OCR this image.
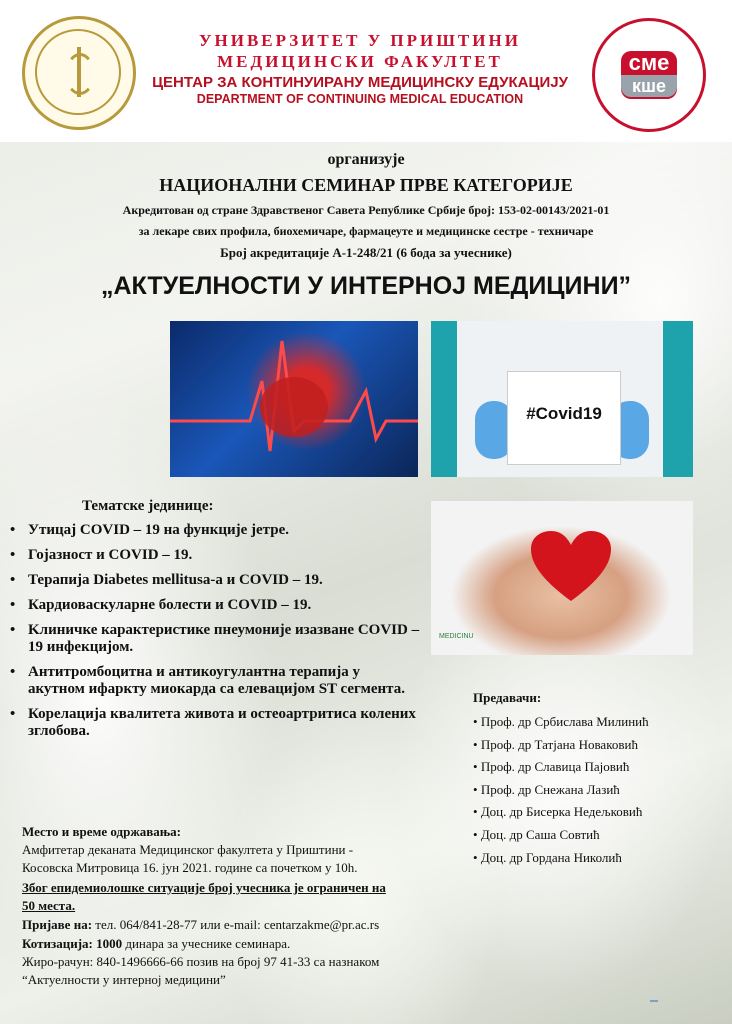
сме
кше
УНИВЕРЗИТЕТ У ПРИШТИНИ
МЕДИЦИНСКИ ФАКУЛТЕТ
ЦЕНТАР ЗА КОНТИНУИРАНУ МЕДИЦИНСКУ ЕДУКАЦИЈУ
DEPARTMENT OF CONTINUING MEDICAL EDUCATION
организује
НАЦИОНАЛНИ СЕМИНАР ПРВЕ КАТЕГОРИЈЕ
Акредитован од стране Здравственог Савета Републике Србије број: 153-02-00143/2021-01
за лекаре свих профила, биохемичаре, фармацеуте и медицинске сестре - техничаре
Број акредитације А-1-248/21 (6 бода за учеснике)
„АКТУЕЛНОСТИ У ИНТЕРНОЈ МЕДИЦИНИ”
#Covid19
MEDICINU
Тематске јединице:
• Утицај COVID – 19 на функције јетре.
• Гојазност и COVID – 19.
• Терапија Diabetes mellitusа-а и COVID – 19.
• Кардиоваскуларне болести и COVID – 19.
• Kлиничке карактеристике пнеумоније изазване COVID – 19 инфекцијом.
• Антитромбоцитна и антикоугулантна терапија у акутном ифаркту миокарда са елевацијом ST сегмента.
• Корелација квалитета живота и остеоартритиса колених зглобова.
Предавачи:
• Проф. др Србислава Милинић
• Проф. др Татјана Новаковић
• Проф. др Славица Пајовић
• Проф. др Снежана Лазић
• Доц. др Бисерка Недељковић
• Доц. др Саша Совтић
• Доц. др Гордана Николић
Место и време одржавања:
Амфитетар деканата Медицинског факултета у Приштини -
Косовска Митровица 16. јун 2021. године са почетком у 10h.
Због епидемиолошке ситуације број учесника је ограничен на
50 места.
Пријаве на: тел. 064/841-28-77 или e-mail: centarzakme@pr.ac.rs
Котизација: 1000 динара за учеснике семинара.
Жиро-рачун: 840-1496666-66 позив на број 97 41-33 са назнаком
“Актуелности у интерној медицини”
